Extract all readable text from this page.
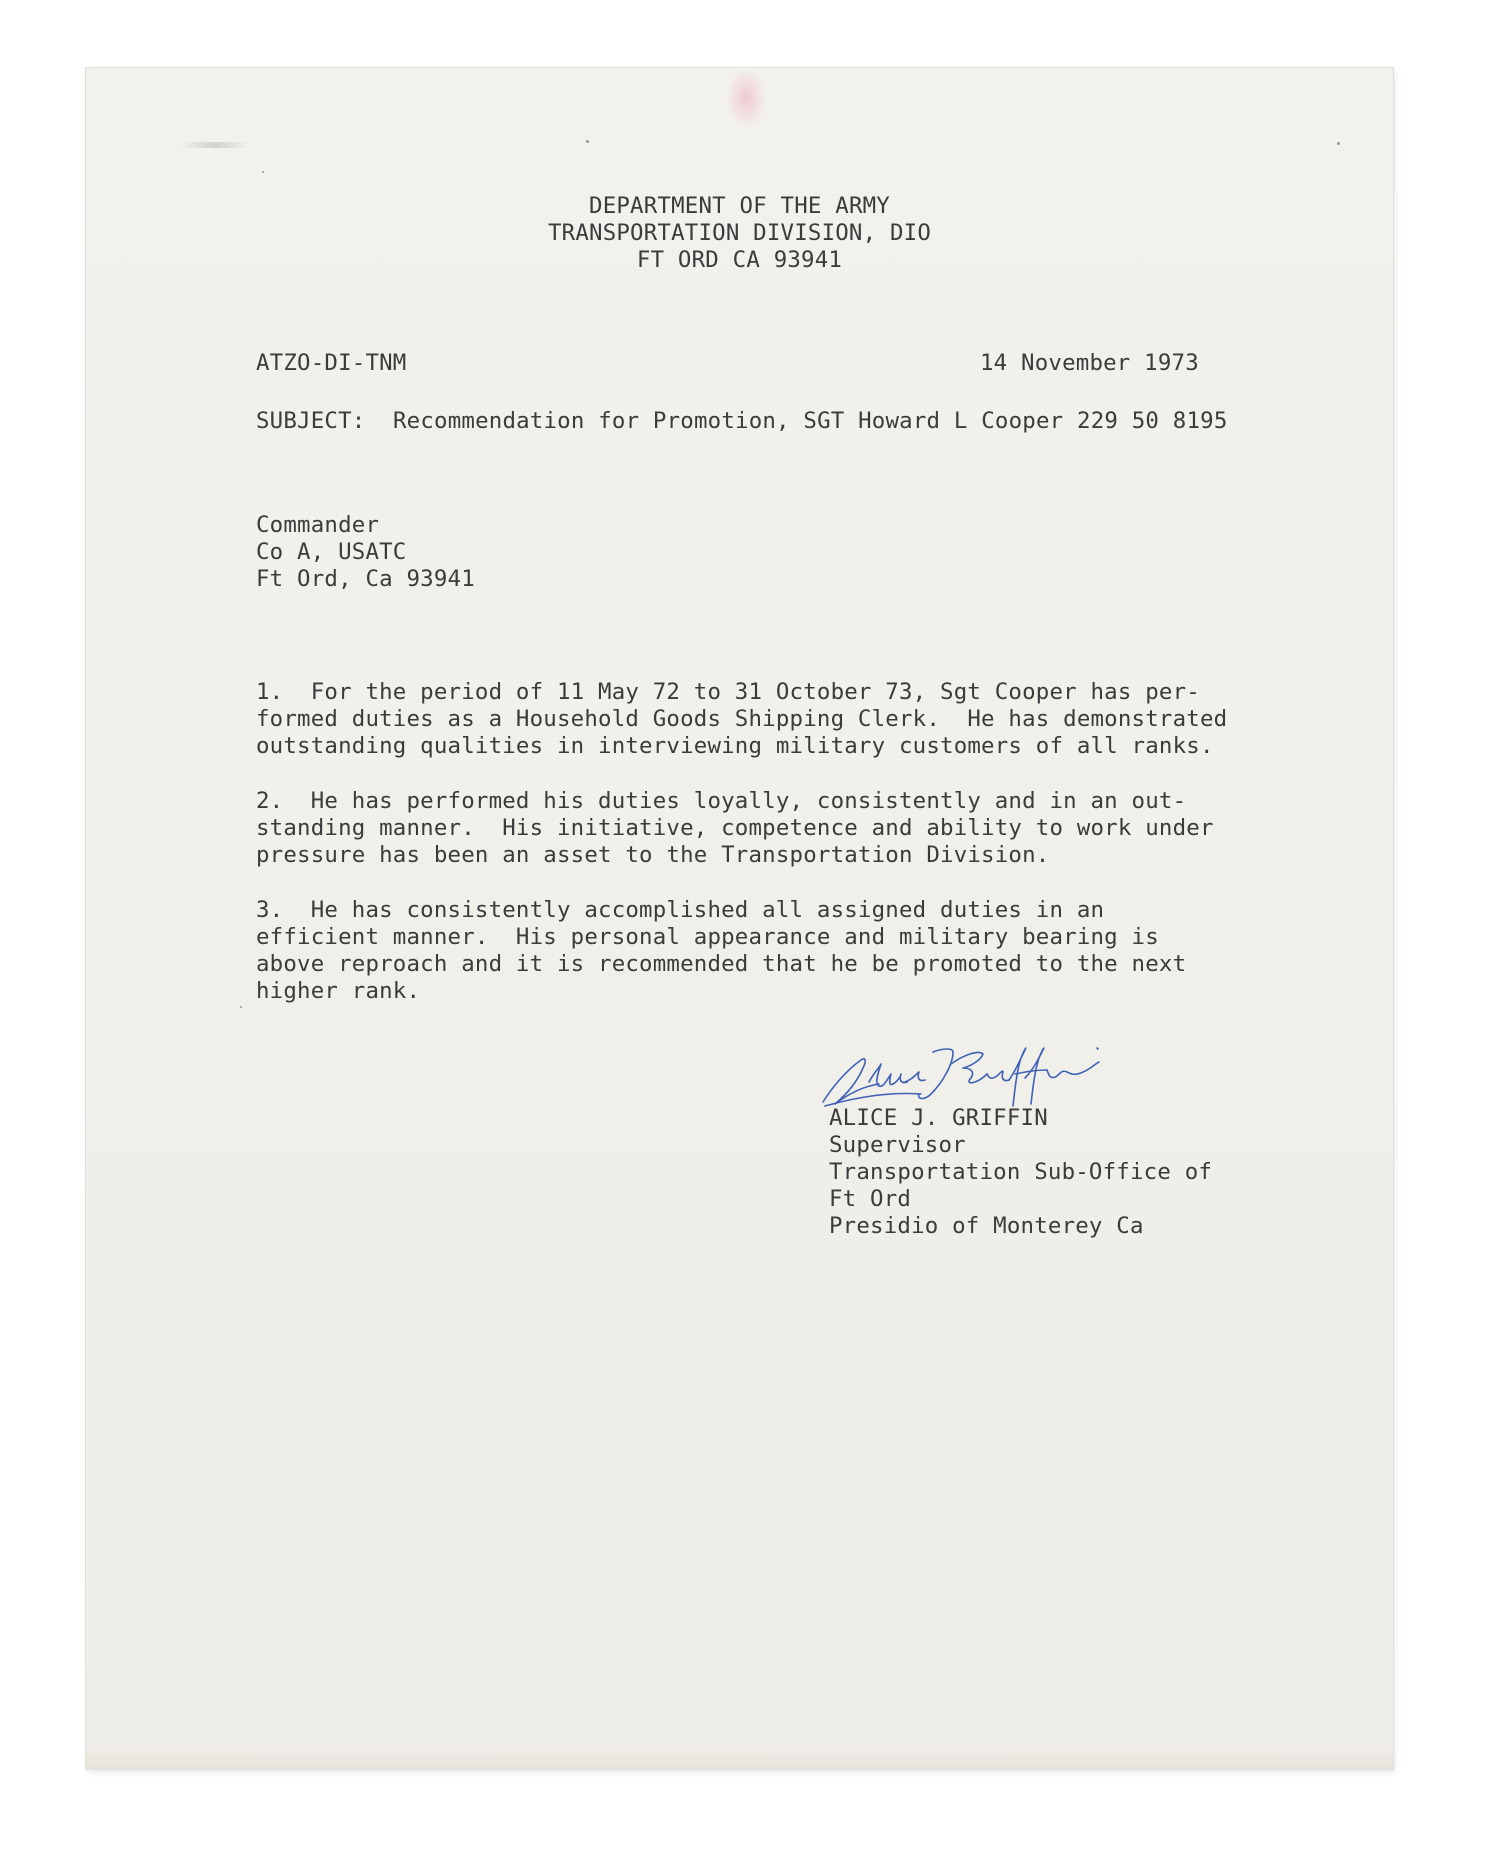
DEPARTMENT OF THE ARMY
TRANSPORTATION DIVISION, DIO
FT ORD CA 93941
ATZO-DI-TNM	14 November 1973
SUBJECT: Recommendation for Promotion, SGT Howard L Cooper 229 50 8195
Commander
Co A, USATC
Ft Ord, Ca 93941
1.  For the period of 11 May 72 to 31 October 73, Sgt Cooper has per-
formed duties as a Household Goods Shipping Clerk.  He has demonstrated
outstanding qualities in interviewing military customers of all ranks.
2.  He has performed his duties loyally, consistently and in an out-
standing manner.  His initiative, competence and ability to work under
pressure has been an asset to the Transportation Division.
3.  He has consistently accomplished all assigned duties in an
efficient manner.  His personal appearance and military bearing is
above reproach and it is recommended that he be promoted to the next
higher rank.
ALICE J. GRIFFIN
Supervisor
Transportation Sub-Office of
Ft Ord
Presidio of Monterey Ca
